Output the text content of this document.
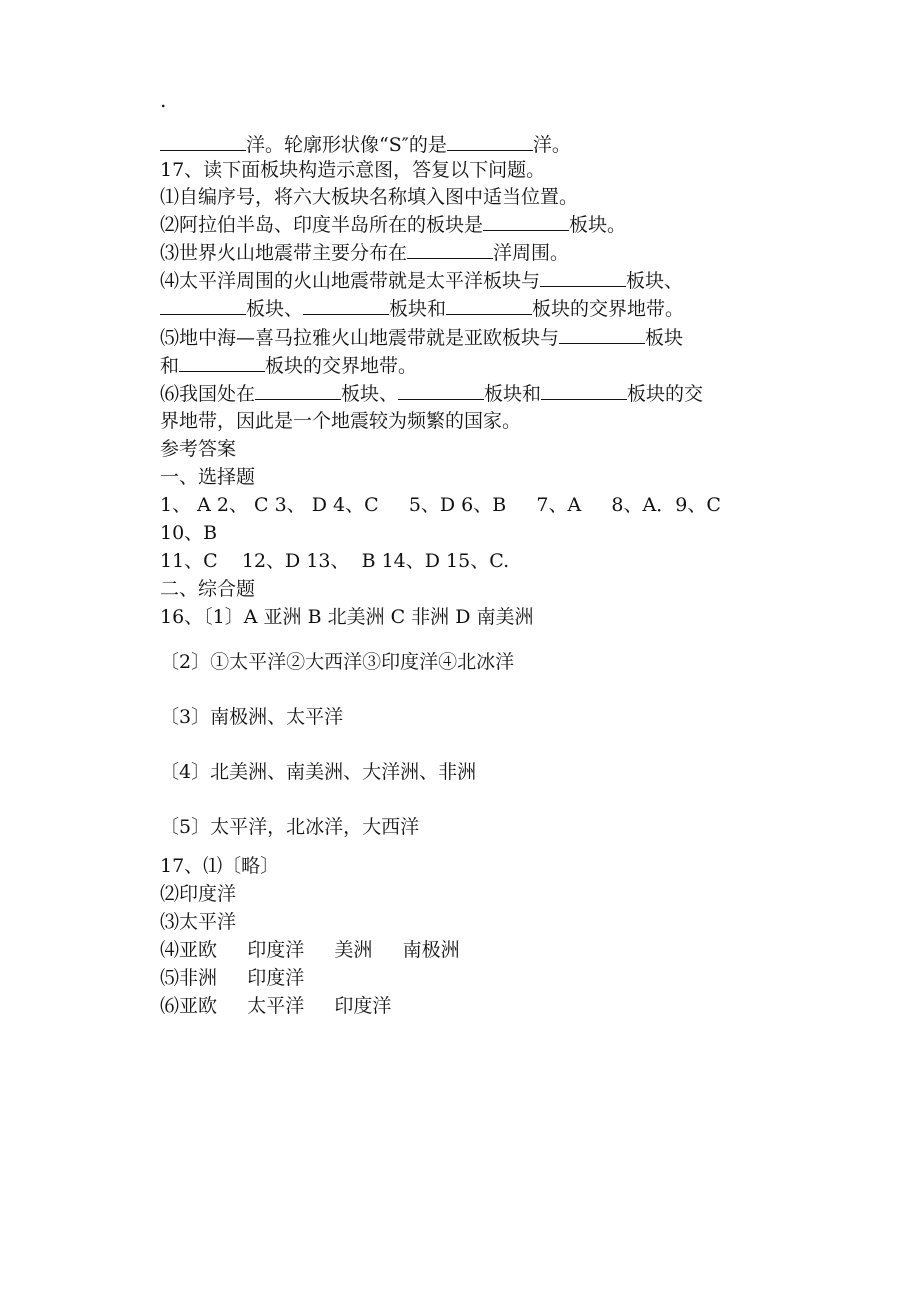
.
洋。轮廓形状像“S″的是	洋。
17、读下面板块构造示意图，答复以下问题。
⑴自编序号，将六大板块名称填入图中适当位置。
⑵阿拉伯半岛、印度半岛所在的板块是	板块。
⑶世界火山地震带主要分布在	洋周围。
⑷太平洋周围的火山地震带就是太平洋板块与	板块、
板块、	板块和	板块的交界地带。
⑸地中海—喜马拉雅火山地震带就是亚欧板块与	板块
和	板块的交界地带。
⑹我国处在	板块、	板块和	板块的交
界地带，因此是一个地震较为频繁的国家。
参考答案
一、选择题
1、 A 2、 C 3、 D 4、C     5、D 6、B     7、A     8、A．9、C
10、B
11、C    12、D 13、  B 14、D 15、C.
二、综合题
16、〔1〕A 亚洲 B 北美洲 C 非洲 D 南美洲
〔2〕①太平洋②大西洋③印度洋④北冰洋
〔3〕南极洲、太平洋
〔4〕北美洲、南美洲、大洋洲、非洲
〔5〕太平洋，北冰洋，大西洋
17、⑴〔略〕
⑵印度洋
⑶太平洋
⑷亚欧     印度洋     美洲     南极洲
⑸非洲     印度洋
⑹亚欧     太平洋     印度洋
